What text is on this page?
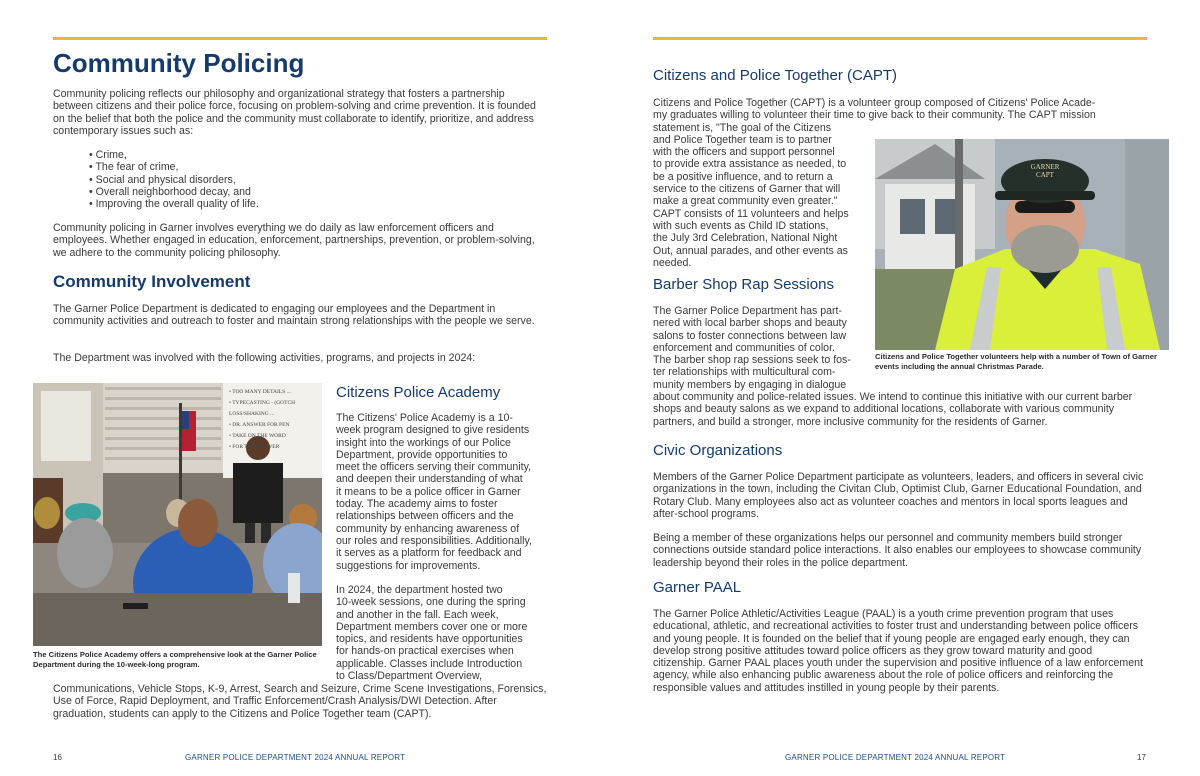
Community Policing
Community policing reflects our philosophy and organizational strategy that fosters a partnership between citizens and their police force, focusing on problem-solving and crime prevention. It is founded on the belief that both the police and the community must collaborate to identify, prioritize, and address contemporary issues such as:
• Crime,
• The fear of crime,
• Social and physical disorders,
• Overall neighborhood decay, and
• Improving the overall quality of life.
Community policing in Garner involves everything we do daily as law enforcement officers and employees. Whether engaged in education, enforcement, partnerships, prevention, or problem-solving, we adhere to the community policing philosophy.
Community Involvement
The Garner Police Department is dedicated to engaging our employees and the Department in community activities and outreach to foster and maintain strong relationships with the people we serve.
The Department was involved with the following activities, programs, and projects in 2024:
• TOO MANY DETAILS ...
• TYPECASTING - (GOTCH
LOSS/SHAKING ...
• DR. ANSWER FOR PEN
• TAKE ON THE WORD
• FOR THE ANSWER
The Citizens Police Academy offers a comprehensive look at the Garner Police Department during the 10-week-long program.
Citizens Police Academy
The Citizens' Police Academy is a 10-
week program designed to give residents
insight into the workings of our Police
Department, provide opportunities to
meet the officers serving their community,
and deepen their understanding of what
it means to be a police officer in Garner
today. The academy aims to foster
relationships between officers and the
community by enhancing awareness of
our roles and responsibilities. Additionally,
it serves as a platform for feedback and
suggestions for improvements.
In 2024, the department hosted two
10-week sessions, one during the spring
and another in the fall. Each week,
Department members cover one or more
topics, and residents have opportunities
for hands-on practical exercises when
applicable. Classes include Introduction
to Class/Department Overview,
Communications, Vehicle Stops, K-9, Arrest, Search and Seizure, Crime Scene Investigations, Forensics, Use of Force, Rapid Deployment, and Traffic Enforcement/Crash Analysis/DWI Detection. After graduation, students can apply to the Citizens and Police Together team (CAPT).
16	GARNER POLICE DEPARTMENT 2024 ANNUAL REPORT
Citizens and Police Together (CAPT)
Citizens and Police Together (CAPT) is a volunteer group composed of Citizens' Police Acade-
my graduates willing to volunteer their time to give back to their community. The CAPT mission
statement is, "The goal of the Citizens
and Police Together team is to partner
with the officers and support personnel
to provide extra assistance as needed, to
be a positive influence, and to return a
service to the citizens of Garner that will
make a great community even greater."
CAPT consists of 11 volunteers and helps
with such events as Child ID stations,
the July 3rd Celebration, National Night
Out, annual parades, and other events as
needed.
GARNER CAPT
Citizens and Police Together volunteers help with a number of Town of Garner events including the annual Christmas Parade.
Barber Shop Rap Sessions
The Garner Police Department has part-
nered with local barber shops and beauty
salons to foster connections between law
enforcement and communities of color.
The barber shop rap sessions seek to fos-
ter relationships with multicultural com-
munity members by engaging in dialogue
about community and police-related issues. We intend to continue this initiative with our current barber shops and beauty salons as we expand to additional locations, collaborate with various community partners, and build a stronger, more inclusive community for the residents of Garner.
Civic Organizations
Members of the Garner Police Department participate as volunteers, leaders, and officers in several civic organizations in the town, including the Civitan Club, Optimist Club, Garner Educational Foundation, and Rotary Club. Many employees also act as volunteer coaches and mentors in local sports leagues and after-school programs.
Being a member of these organizations helps our personnel and community members build stronger connections outside standard police interactions. It also enables our employees to showcase community leadership beyond their roles in the police department.
Garner PAAL
The Garner Police Athletic/Activities League (PAAL) is a youth crime prevention program that uses educational, athletic, and recreational activities to foster trust and understanding between police officers and young people. It is founded on the belief that if young people are engaged early enough, they can develop strong positive attitudes toward police officers as they grow toward maturity and good citizenship. Garner PAAL places youth under the supervision and positive influence of a law enforcement agency, while also enhancing public awareness about the role of police officers and reinforcing the responsible values and attitudes instilled in young people by their parents.
GARNER POLICE DEPARTMENT 2024 ANNUAL REPORT	17
